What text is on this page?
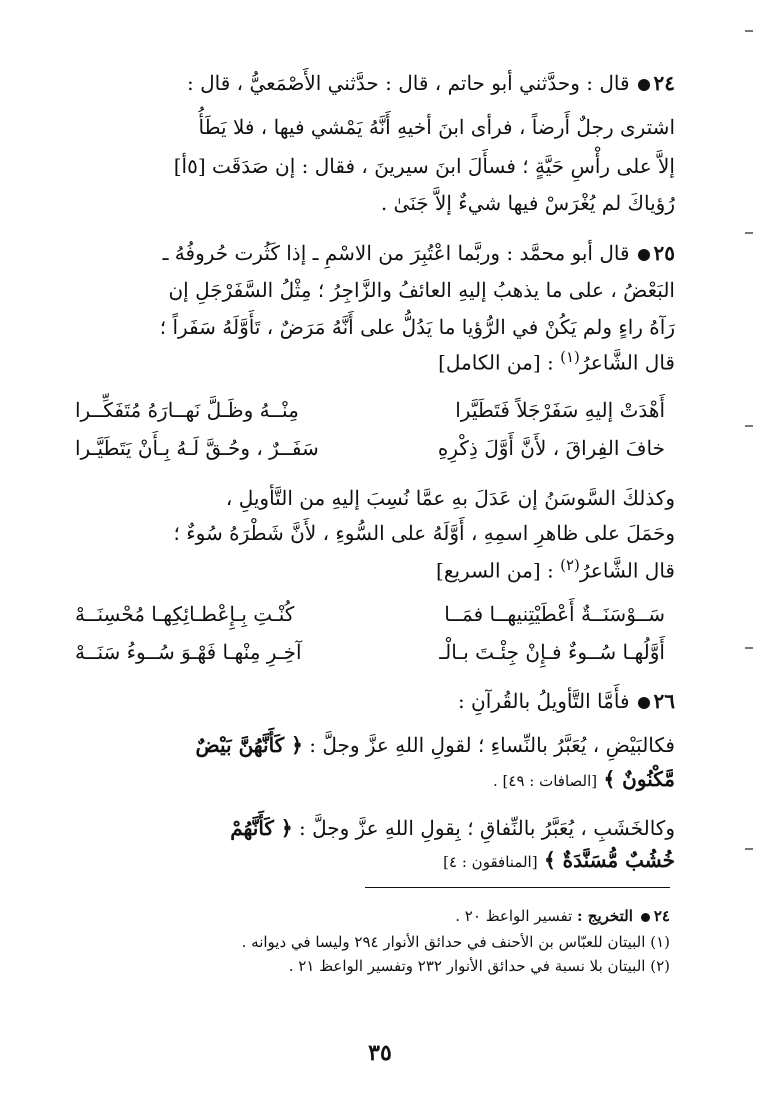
٢٤قال : وحدَّثني أبو حاتم ، قال : حدَّثني الأَصْمَعيُّ ، قال :
اشترى رجلٌ أَرضاً ، فرأى ابنَ أخيهِ أَنَّهُ يَمْشي فيها ، فلا يَطَأُ
إلاَّ على رأْسِ حَيَّةٍ ؛ فسأَلَ ابنَ سيرينَ ، فقال : إن صَدَقَت [٥أ]
رُؤياكَ لم يُغْرَسْ فيها شيءٌ إلاَّ جَنَىٰ .
٢٥قال أبو محمَّد : وربَّما اعْتُبِرَ من الاسْمِ ـ إذا كَثُرت حُروفُهُ ـ
البَعْضُ ، على ما يذهبُ إليهِ العائفُ والزَّاجِرُ ؛ مِثْلُ السَّفَرْجَلِ إن
رَآهُ راءٍ ولم يَكُنْ في الرُّؤيا ما يَدُلُّ على أَنَّهُ مَرَضٌ ، تَأَوَّلَهُ سَفَراً ؛
قال الشَّاعرُ$^{(١)}$ : [من الكامل]
أَهْدَتْ إليهِ سَفَرْجَلاً فَتَطَيَّرا
مِنْــهُ وظَـلَّ نَهــارَهُ مُتَفَكِّــرا
خافَ الفِراقَ ، لأَنَّ أَوَّلَ ذِكْرِهِ
سَفَــرٌ ، وحُـقَّ لَـهُ بِـأَنْ يَتَطَيَّـرا
وكذلكَ السَّوسَنُ إن عَدَلَ بهِ عمَّا نُسِبَ إليهِ من التَّأويلِ ،
وحَمَلَ على ظاهرِ اسمِهِ ، أَوَّلَهُ على السُّوءِ ، لأَنَّ شَطْرَهُ سُوءٌ ؛
قال الشَّاعرُ$^{(٢)}$ : [من السريع]
سَــوْسَنَــةٌ أَعْطَيْتِنيهــا فمَــا
كُنْـتِ بِـإِعْطـائِكِهـا مُحْسِنَــهْ
أَوَّلُهـا سُــوءٌ فـإِنْ جِئْـتَ بـالْـ
آخِـرِ مِنْهـا فَهْـوَ سُــوءُ سَنَــهْ
٢٦فأَمَّا التَّأويلُ بالقُرآنِ :
فكالبَيْضِ ، يُعَبَّرُ بالنِّساءِ ؛ لقولِ اللهِ عزَّ وجلَّ : ﴿ كَأَنَّهُنَّ بَيْضٌ
مَّكْنُونٌ ﴾ [الصافات : ٤٩] .
وكالخَشَبِ ، يُعَبَّرُ بالنِّفاقِ ؛ بِقولِ اللهِ عزَّ وجلَّ : ﴿ كَأَنَّهُمْ
خُشُبٌ مُّسَنَّدَةٌ ﴾ [المنافقون : ٤]
٢٤التخريج : تفسير الواعظ ٢٠ .
(١) البيتان للعبّاس بن الأحنف في حدائق الأنوار ٢٩٤ وليسا في ديوانه .
(٢) البيتان بلا نسبة في حدائق الأنوار ٢٣٢ وتفسير الواعظ ٢١ .
٣٥
